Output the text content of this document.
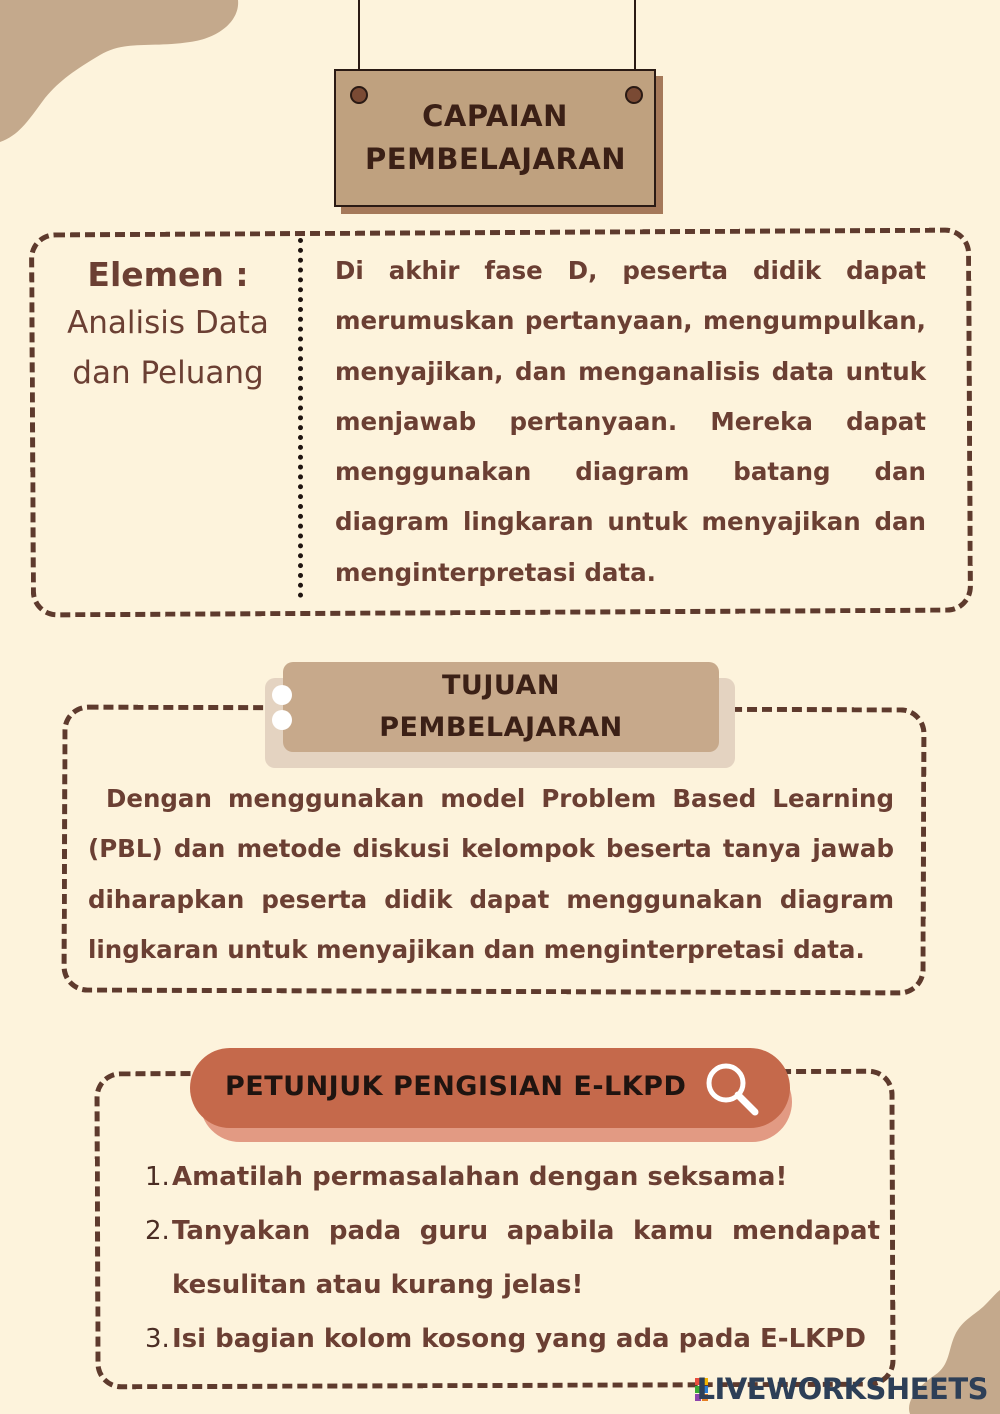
CAPAIAN PEMBELAJARAN
Elemen :
Analisis Data dan Peluang
Di akhir fase D, peserta didik dapat merumuskan pertanyaan, mengumpulkan, menyajikan, dan menganalisis data untuk menjawab pertanyaan. Mereka dapat menggunakan diagram batang dan diagram lingkaran untuk menyajikan dan menginterpretasi data.
TUJUAN PEMBELAJARAN
Dengan menggunakan model Problem Based Learning (PBL) dan metode diskusi kelompok beserta tanya jawab diharapkan peserta didik dapat menggunakan diagram lingkaran untuk menyajikan dan menginterpretasi data.
PETUNJUK PENGISIAN E-LKPD
1 . Amatilah permasalahan dengan seksama!
2 . Tanyakan pada guru apabila kamu mendapat kesulitan atau kurang jelas!
3 . Isi bagian kolom kosong yang ada pada E-LKPD
LIVEWORKSHEETS
